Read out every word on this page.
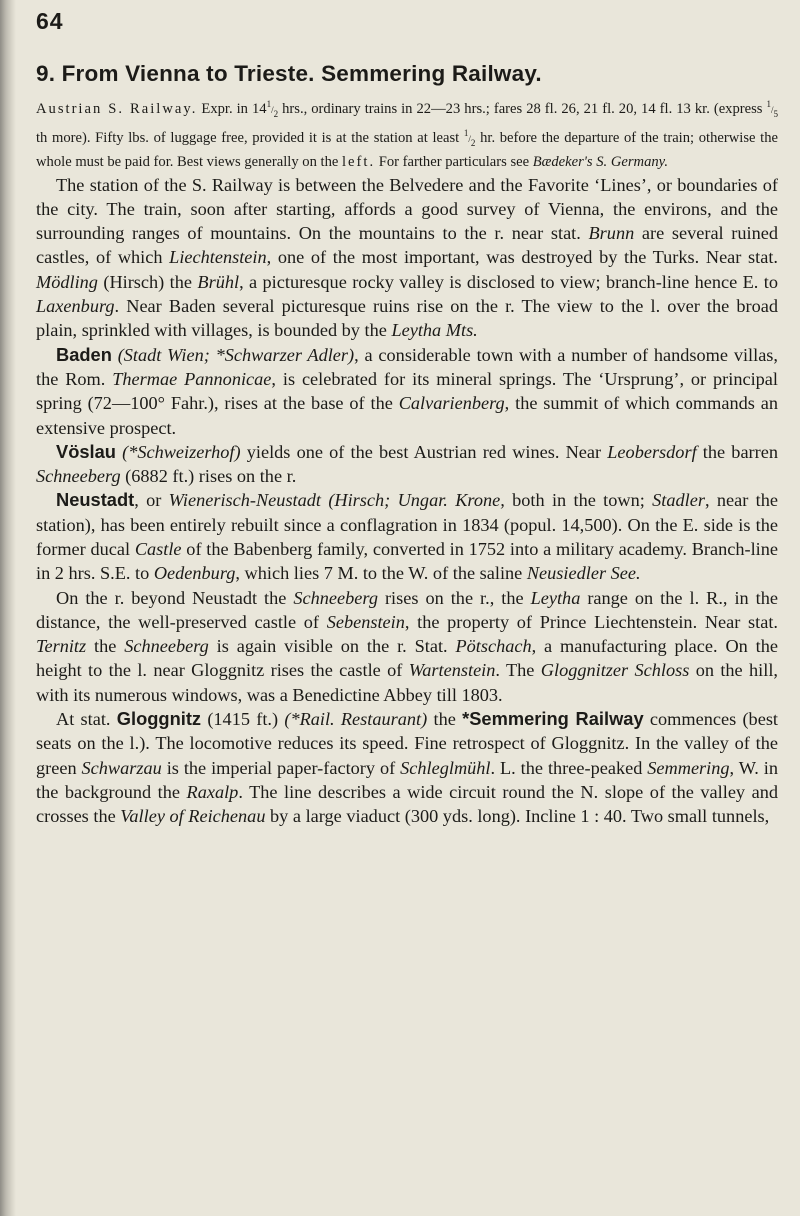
64
9. From Vienna to Trieste. Semmering Railway.
Austrian S. Railway. Expr. in $14^1/_2$ hrs., ordinary trains in 22—23 hrs.; fares 28 fl. 26, 21 fl. 20, 14 fl. 13 kr. (express $^1/_5$ th more). Fifty lbs. of luggage free, provided it is at the station at least $^1/_2$ hr. before the departure of the train; otherwise the whole must be paid for. Best views generally on the left. For farther particulars see Bædeker's S. Germany.

The station of the S. Railway is between the Belvedere and the Favorite ‘Lines’, or boundaries of the city. The train, soon after starting, affords a good survey of Vienna, the environs, and the surrounding ranges of mountains. On the mountains to the r. near stat. Brunn are several ruined castles, of which Liechtenstein, one of the most important, was destroyed by the Turks. Near stat. Mödling (Hirsch) the Brühl, a picturesque rocky valley is disclosed to view; branch-line hence E. to Laxenburg. Near Baden several picturesque ruins rise on the r. The view to the l. over the broad plain, sprinkled with villages, is bounded by the Leytha Mts.

Baden (Stadt Wien; *Schwarzer Adler), a considerable town with a number of handsome villas, the Rom. Thermae Pannonicae, is celebrated for its mineral springs. The ‘Ursprung’, or principal spring (72—100° Fahr.), rises at the base of the Calvarienberg, the summit of which commands an extensive prospect.

Vöslau (*Schweizerhof) yields one of the best Austrian red wines. Near Leobersdorf the barren Schneeberg (6882 ft.) rises on the r.

Neustadt, or Wienerisch-Neustadt (Hirsch; Ungar. Krone, both in the town; Stadler, near the station), has been entirely rebuilt since a conflagration in 1834 (popul. 14,500). On the E. side is the former ducal Castle of the Babenberg family, converted in 1752 into a military academy. Branch-line in 2 hrs. S.E. to Oedenburg, which lies 7 M. to the W. of the saline Neusiedler See.

On the r. beyond Neustadt the Schneeberg rises on the r., the Leytha range on the l. R., in the distance, the well-preserved castle of Sebenstein, the property of Prince Liechtenstein. Near stat. Ternitz the Schneeberg is again visible on the r. Stat. Pötschach, a manufacturing place. On the height to the l. near Gloggnitz rises the castle of Wartenstein. The Gloggnitzer Schloss on the hill, with its numerous windows, was a Benedictine Abbey till 1803.

At stat. Gloggnitz (1415 ft.) (*Rail. Restaurant) the *Semmering Railway commences (best seats on the l.). The locomotive reduces its speed. Fine retrospect of Gloggnitz. In the valley of the green Schwarzau is the imperial paper-factory of Schleglmühl. L. the three-peaked Semmering, W. in the background the Raxalp. The line describes a wide circuit round the N. slope of the valley and crosses the Valley of Reichenau by a large viaduct (300 yds. long). Incline 1 : 40. Two small tunnels,
